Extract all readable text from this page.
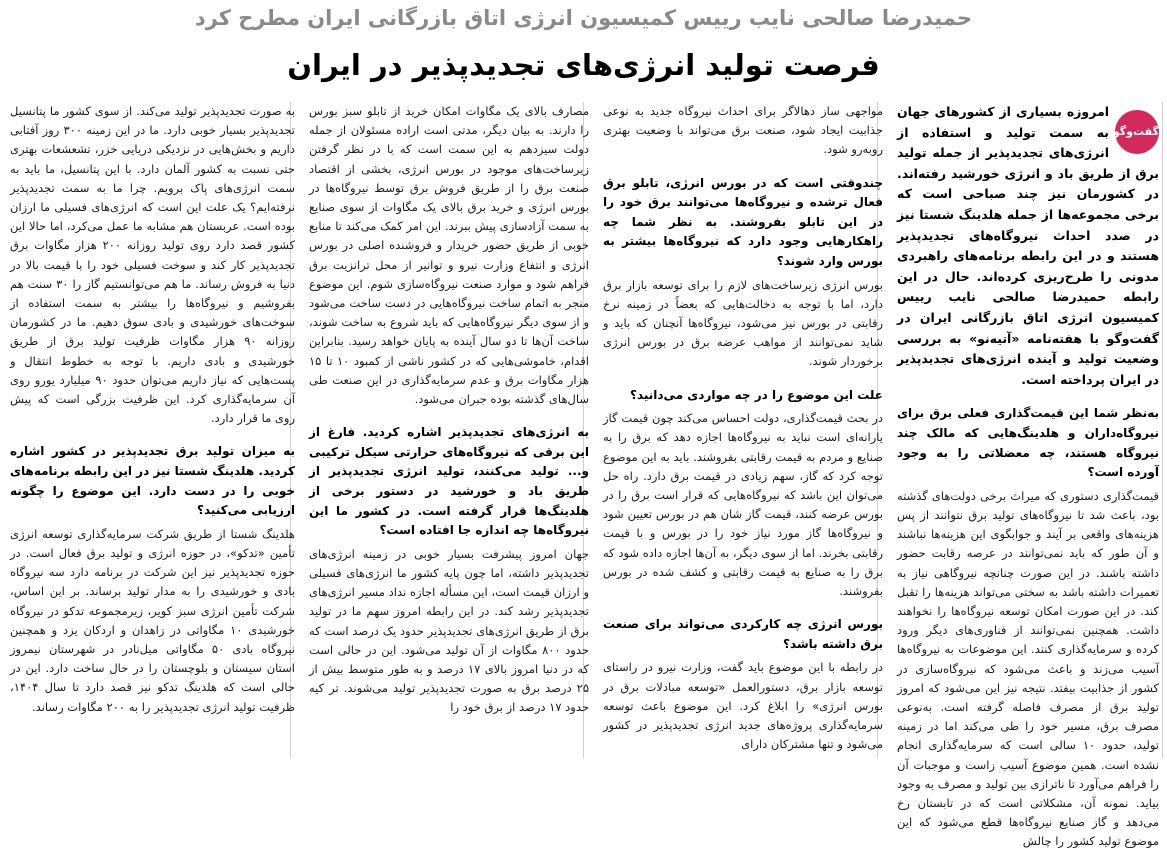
حمیدرضا صالحی نایب رییس کمیسیون انرژی اتاق بازرگانی ایران مطرح کرد
فرصت تولید انرژی‌های تجدیدپذیر در ایران

امروزه بسیاری از کشورهای جهان به سمت تولید و استفاده از انرژی‌های تجدیدپذیر از جمله تولید برق از طریق باد و انرژی خورشید رفته‌اند. در کشورمان نیز چند صباحی است که برخی مجموعه‌ها از جمله هلدینگ شستا نیز در صدد احداث نیروگاه‌های تجدیدپذیر هستند و در این رابطه برنامه‌های راهبردی مدونی را طرح‌ریزی کرده‌اند. حال در این رابطه حمیدرضا صالحی نایب رییس کمیسیون انرژی اتاق بازرگانی ایران در گفت‌وگو با هفته‌نامه «آتیه‌نو» به بررسی وضعیت تولید و آینده انرژی‌های تجدیدپذیر در ایران پرداخته است.

به‌نظر شما این قیمت‌گذاری فعلی برق برای نیروگاه‌داران و هلدینگ‌هایی که مالک چند نیروگاه هستند، چه معضلاتی را به وجود آورده است؟

قیمت‌گذاری دستوری که میراث برخی دولت‌های گذشته بود، باعث شد تا نیروگاه‌های تولید برق نتوانند از پس هزینه‌های واقعی بر آیند و جوابگوی این هزینه‌ها نباشند و آن طور که باید نمی‌توانند در عرصه رقابت حضور داشته باشند. در این صورت چنانچه نیروگاهی نیاز به تعمیرات داشته باشد به سختی می‌تواند هزینه‌ها را تقبل کند. در این صورت امکان توسعه نیروگاه‌ها را نخواهند داشت. همچنین نمی‌توانند از فناوری‌های دیگر ورود کرده و سرمایه‌گذاری کنند. این موضوعات به نیروگاه‌ها آسیب می‌زند و باعث می‌شود که نیروگاه‌سازی در کشور از جذابیت بیفتد. نتیجه نیز این می‌شود که امروز تولید برق از مصرف فاصله گرفته است. به‌نوعی مصرف برق، مسیر خود را طی می‌کند اما در زمینه تولید، حدود ۱۰ سالی است که سرمایه‌گذاری انجام نشده است. همین موضوع آسیب زاست و موجبات آن را فراهم می‌آورد تا ناترازی بین تولید و مصرف به وجود بیاید. نمونه آن، مشکلاتی است که در تابستان رخ می‌دهد و گاز صنایع نیروگاه‌ها قطع می‌شود که این موضوع تولید کشور را چالش

گفت‌وگو

مواجهی ساز دهالاگر برای احداث نیروگاه جدید به نوعی جذابیت ایجاد شود، صنعت برق می‌تواند با وضعیت بهتری روبه‌رو شود.

چندوقتی است که در بورس انرژی، تابلو برق فعال ترشده و نیروگاه‌ها می‌توانند برق خود را در این تابلو بفروشند. به نظر شما چه راهکارهایی وجود دارد که نیروگاه‌ها بیشتر به بورس وارد شوند؟

بورس انرژی زیرساخت‌های لازم را برای توسعه بازار برق دارد، اما با توجه به دخالت‌هایی که بعضاً در زمینه نرخ رقابتی در بورس نیز می‌شود، نیروگاه‌ها آنچنان که باید و شاید نمی‌توانند از مواهب عرضه برق در بورس انرژی برخوردار شوند.

علت این موضوع را در چه مواردی می‌دانید؟

در بحث قیمت‌گذاری، دولت احساس می‌کند چون قیمت گاز یارانه‌ای است نباید به نیروگاه‌ها اجازه دهد که برق را به صنایع و مردم به قیمت رقابتی بفروشند. باید به این موضوع توجه کرد که گاز، سهم زیادی در قیمت برق دارد. راه حل می‌توان این باشد که نیروگاه‌هایی که قرار است برق را در بورس عرضه کنند، قیمت گاز شان هم در بورس تعیین شود و نیروگاه‌ها گاز مورد نیاز خود را در بورس و با قیمت رقابتی بخرند. اما از سوی دیگر، به آن‌ها اجازه داده شود که برق را به صنایع به قیمت رقابتی و کشف شده در بورس بفروشند.

بورس انرژی چه کارکردی می‌تواند برای صنعت برق داشته باشد؟

در رابطه با این موضوع باید گفت، وزارت نیرو در راستای توسعه بازار برق، دستورالعمل «توسعه مبادلات برق در بورس انرژی» را ابلاغ کرد. این موضوع باعث توسعه سرمایه‌گذاری پروژه‌های جدید انرژی تجدیدپذیر در کشور می‌شود و تنها مشترکان دارای

مصارف بالای یک مگاوات امکان خرید از تابلو سبز بورس را دارند. به بیان دیگر، مدتی است اراده مسئولان از جمله دولت سیزدهم به این سمت است که با در نظر گرفتن زیرساخت‌های موجود در بورس انرژی، بخشی از اقتصاد صنعت برق را از طریق فروش برق توسط نیروگاه‌ها در بورس انرژی و خرید برق بالای یک مگاوات از سوی صنایع به سمت آزادسازی پیش ببرند. این امر کمک می‌کند تا منابع خوبی از طریق حضور خریدار و فروشنده اصلی در بورس انرژی و انتفاع وزارت نیرو و توانیر از محل ترانزیت برق فراهم شود و موارد صنعت نیروگاه‌سازی شوم. این موضوع منجر به اتمام ساخت نیروگاه‌هایی در دست ساخت می‌شود و از سوی دیگر نیروگاه‌هایی که باید شروع به ساخت شوند، ساخت آن‌ها تا دو سال آینده به پایان خواهد رسید. بنابراین اقدام، خاموشی‌هایی که در کشور ناشی از کمبود ۱۰ تا ۱۵ هزار مگاوات برق و عدم سرمایه‌گذاری در این صنعت طی سال‌های گذشته بوده جبران می‌شود.

به انرژی‌های تجدیدپذیر اشاره کردید. فارغ از این برقی که نیروگاه‌های حرارتی سیکل ترکیبی و... تولید می‌کنند، تولید انرژی تجدیدپذیر از طریق باد و خورشید در دستور برخی از هلدینگ‌ها قرار گرفته است. در کشور ما این نیروگاه‌ها چه اندازه جا افتاده است؟

جهان امروز پیشرفت بسیار خوبی در زمینه انرژی‌های تجدیدپذیر داشته، اما چون پایه کشور ما انرژی‌های فسیلی و ارزان قیمت است، این مسأله اجازه نداد مسیر انرژی‌های تجدیدپذیر رشد کند. در این رابطه امروز سهم ما در تولید برق از طریق انرژی‌های تجدیدپذیر حدود یک درصد است که حدود ۸۰۰ مگاوات از آن تولید می‌شود. این در حالی است که در دنیا امروز بالای ۱۷ درصد و به طور متوسط بیش از ۲۵ درصد برق به صورت تجدیدپذیر تولید می‌شوند. تر کیه حدود ۱۷ درصد از برق خود را

به صورت تجدیدپذیر تولید می‌کند. از سوی کشور ما پتانسیل تجدیدپذیر بسیار خوبی دارد. ما در این زمینه ۳۰۰ روز آفتابی داریم و بخش‌هایی در نزدیکی دریایی خزر، تشعشعات بهتری حتی نسبت به کشور آلمان دارد. با این پتانسیل، ما باید به سمت انرژی‌های پاک برویم. چرا ما به سمت تجدیدپذیر نرفته‌ایم؟ یک علت این است که انرژی‌های فسیلی ما ارزان بوده است. عربستان هم مشابه ما عمل می‌کرد، اما حالا این کشور قصد دارد روی تولید روزانه ۲۰۰ هزار مگاوات برق تجدیدپذیر کار کند و سوخت فسیلی خود را با قیمت بالا در دنیا به فروش رساند. ما هم می‌توانستیم گاز را ۳۰ سنت هم بفروشیم و نیروگاه‌ها را بیشتر به سمت استفاده از سوخت‌های خورشیدی و بادی سوق دهیم. ما در کشورمان روزانه ۹۰ هزار مگاوات ظرفیت تولید برق از طریق خورشیدی و بادی داریم. با توجه به خطوط انتقال و پست‌هایی که نیاز داریم می‌توان حدود ۹۰ میلیارد یورو روی آن سرمایه‌گذاری کرد. این ظرفیت بزرگی است که پیش روی ما قرار دارد.

به میزان تولید برق تجدیدپذیر در کشور اشاره کردید. هلدینگ شستا نیز در این رابطه برنامه‌های خوبی را در دست دارد. این موضوع را چگونه ارزیابی می‌کنید؟

هلدینگ شستا از طریق شرکت سرمایه‌گذاری توسعه انرژی تأمین «تدکو»، در حوزه انرژی و تولید برق فعال است. در حوزه تجدیدپذیر نیز این شرکت در برنامه دارد سه نیروگاه بادی و خورشیدی را به مدار تولید برساند. بر این اساس، شرکت تأمین انرژی سبز کویر، زیرمجموعه تدکو در نیروگاه خورشیدی ۱۰ مگاواتی در زاهدان و اردکان یزد و همچنین نیروگاه بادی ۵۰ مگاواتی میل‌نادر در شهرستان نیمروز استان سیستان و بلوچستان را در حال ساخت دارد. این در حالی است که هلدینگ تدکو نیز قصد دارد تا سال ۱۴۰۴، ظرفیت تولید انرژی تجدیدپذیر را به ۲۰۰ مگاوات رساند.
